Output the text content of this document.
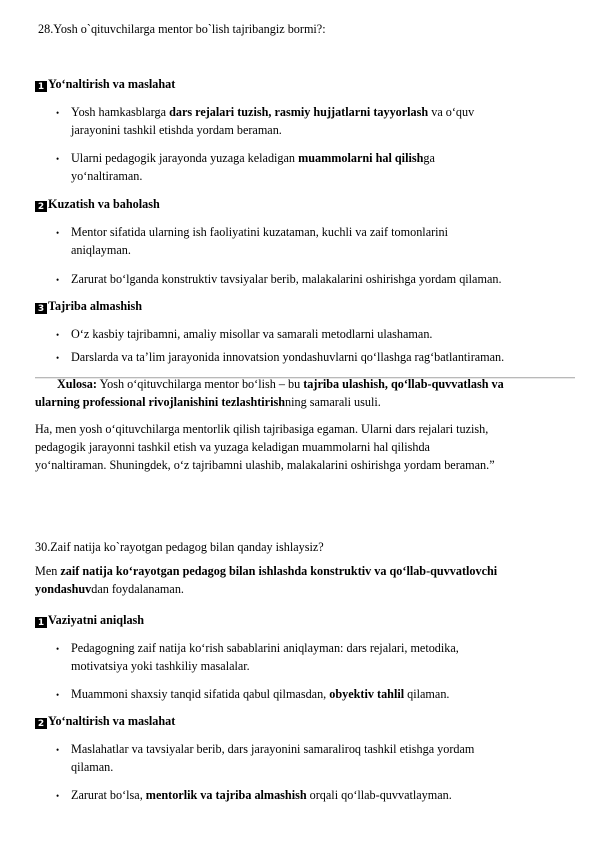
28.Yosh o`qituvchilarga mentor bo`lish tajribangiz bormi?:
1 Yo‘naltirish va maslahat
• Yosh hamkasblarga dars rejalari tuzish, rasmiy hujjatlarni tayyorlash va o‘quv
jarayonini tashkil etishda yordam beraman.
• Ularni pedagogik jarayonda yuzaga keladigan muammolarni hal qilishga
yo‘naltiraman.
2 Kuzatish va baholash
• Mentor sifatida ularning ish faoliyatini kuzataman, kuchli va zaif tomonlarini
aniqlayman.
• Zarurat bo‘lganda konstruktiv tavsiyalar berib, malakalarini oshirishga yordam qilaman.
3 Tajriba almashish
• O‘z kasbiy tajribamni, amaliy misollar va samarali metodlarni ulashaman.
• Darslarda va ta’lim jarayonida innovatsion yondashuvlarni qo‘llashga rag‘batlantiraman.
Xulosa: Yosh o‘qituvchilarga mentor bo‘lish – bu tajriba ulashish, qo‘llab-quvvatlash va
ularning professional rivojlanishini tezlashtirishning samarali usuli.
Ha, men yosh o‘qituvchilarga mentorlik qilish tajribasiga egaman. Ularni dars rejalari tuzish,
pedagogik jarayonni tashkil etish va yuzaga keladigan muammolarni hal qilishda
yo‘naltiraman. Shuningdek, o‘z tajribamni ulashib, malakalarini oshirishga yordam beraman.”
30.Zaif natija ko`rayotgan pedagog bilan qanday ishlaysiz?
Men zaif natija ko‘rayotgan pedagog bilan ishlashda konstruktiv va qo‘llab-quvvatlovchi
yondashuvdan foydalanaman.
1 Vaziyatni aniqlash
• Pedagogning zaif natija ko‘rish sabablarini aniqlayman: dars rejalari, metodika,
motivatsiya yoki tashkiliy masalalar.
• Muammoni shaxsiy tanqid sifatida qabul qilmasdan, obyektiv tahlil qilaman.
2 Yo‘naltirish va maslahat
• Maslahatlar va tavsiyalar berib, dars jarayonini samaraliroq tashkil etishga yordam
qilaman.
• Zarurat bo‘lsa, mentorlik va tajriba almashish orqali qo‘llab-quvvatlayman.
